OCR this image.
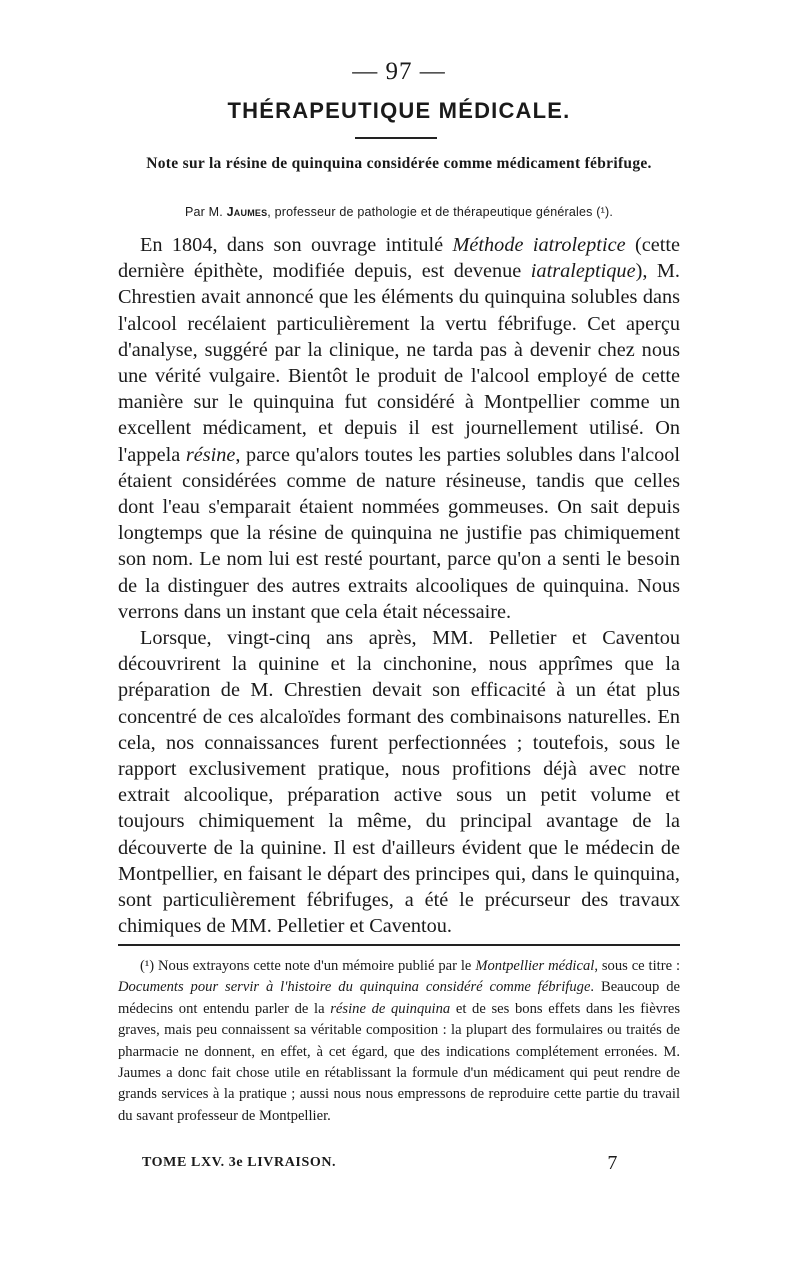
— 97 —
THÉRAPEUTIQUE MÉDICALE.
Note sur la résine de quinquina considérée comme médicament fébrifuge.
Par M. Jaumes, professeur de pathologie et de thérapeutique générales (¹).

En 1804, dans son ouvrage intitulé Méthode iatroleptice (cette dernière épithète, modifiée depuis, est devenue iatraleptique), M. Chrestien avait annoncé que les éléments du quinquina solubles dans l'alcool recélaient particulièrement la vertu fébrifuge. Cet aperçu d'analyse, suggéré par la clinique, ne tarda pas à devenir chez nous une vérité vulgaire. Bientôt le produit de l'alcool employé de cette manière sur le quinquina fut considéré à Montpellier comme un excellent médicament, et depuis il est journellement utilisé. On l'appela résine, parce qu'alors toutes les parties solubles dans l'alcool étaient considérées comme de nature résineuse, tandis que celles dont l'eau s'emparait étaient nommées gommeuses. On sait depuis longtemps que la résine de quinquina ne justifie pas chimiquement son nom. Le nom lui est resté pourtant, parce qu'on a senti le besoin de la distinguer des autres extraits alcooliques de quinquina. Nous verrons dans un instant que cela était nécessaire.

Lorsque, vingt-cinq ans après, MM. Pelletier et Caventou découvrirent la quinine et la cinchonine, nous apprîmes que la préparation de M. Chrestien devait son efficacité à un état plus concentré de ces alcaloïdes formant des combinaisons naturelles. En cela, nos connaissances furent perfectionnées ; toutefois, sous le rapport exclusivement pratique, nous profitions déjà avec notre extrait alcoolique, préparation active sous un petit volume et toujours chimiquement la même, du principal avantage de la découverte de la quinine. Il est d'ailleurs évident que le médecin de Montpellier, en faisant le départ des principes qui, dans le quinquina, sont particulièrement fébrifuges, a été le précurseur des travaux chimiques de MM. Pelletier et Caventou.

(¹) Nous extrayons cette note d'un mémoire publié par le Montpellier médical, sous ce titre : Documents pour servir à l'histoire du quinquina considéré comme fébrifuge. Beaucoup de médecins ont entendu parler de la résine de quinquina et de ses bons effets dans les fièvres graves, mais peu connaissent sa véritable composition : la plupart des formulaires ou traités de pharmacie ne donnent, en effet, à cet égard, que des indications complétement erronées. M. Jaumes a donc fait chose utile en rétablissant la formule d'un médicament qui peut rendre de grands services à la pratique ; aussi nous nous empressons de reproduire cette partie du travail du savant professeur de Montpellier.

TOME LXV. 3e LIVRAISON.	7
